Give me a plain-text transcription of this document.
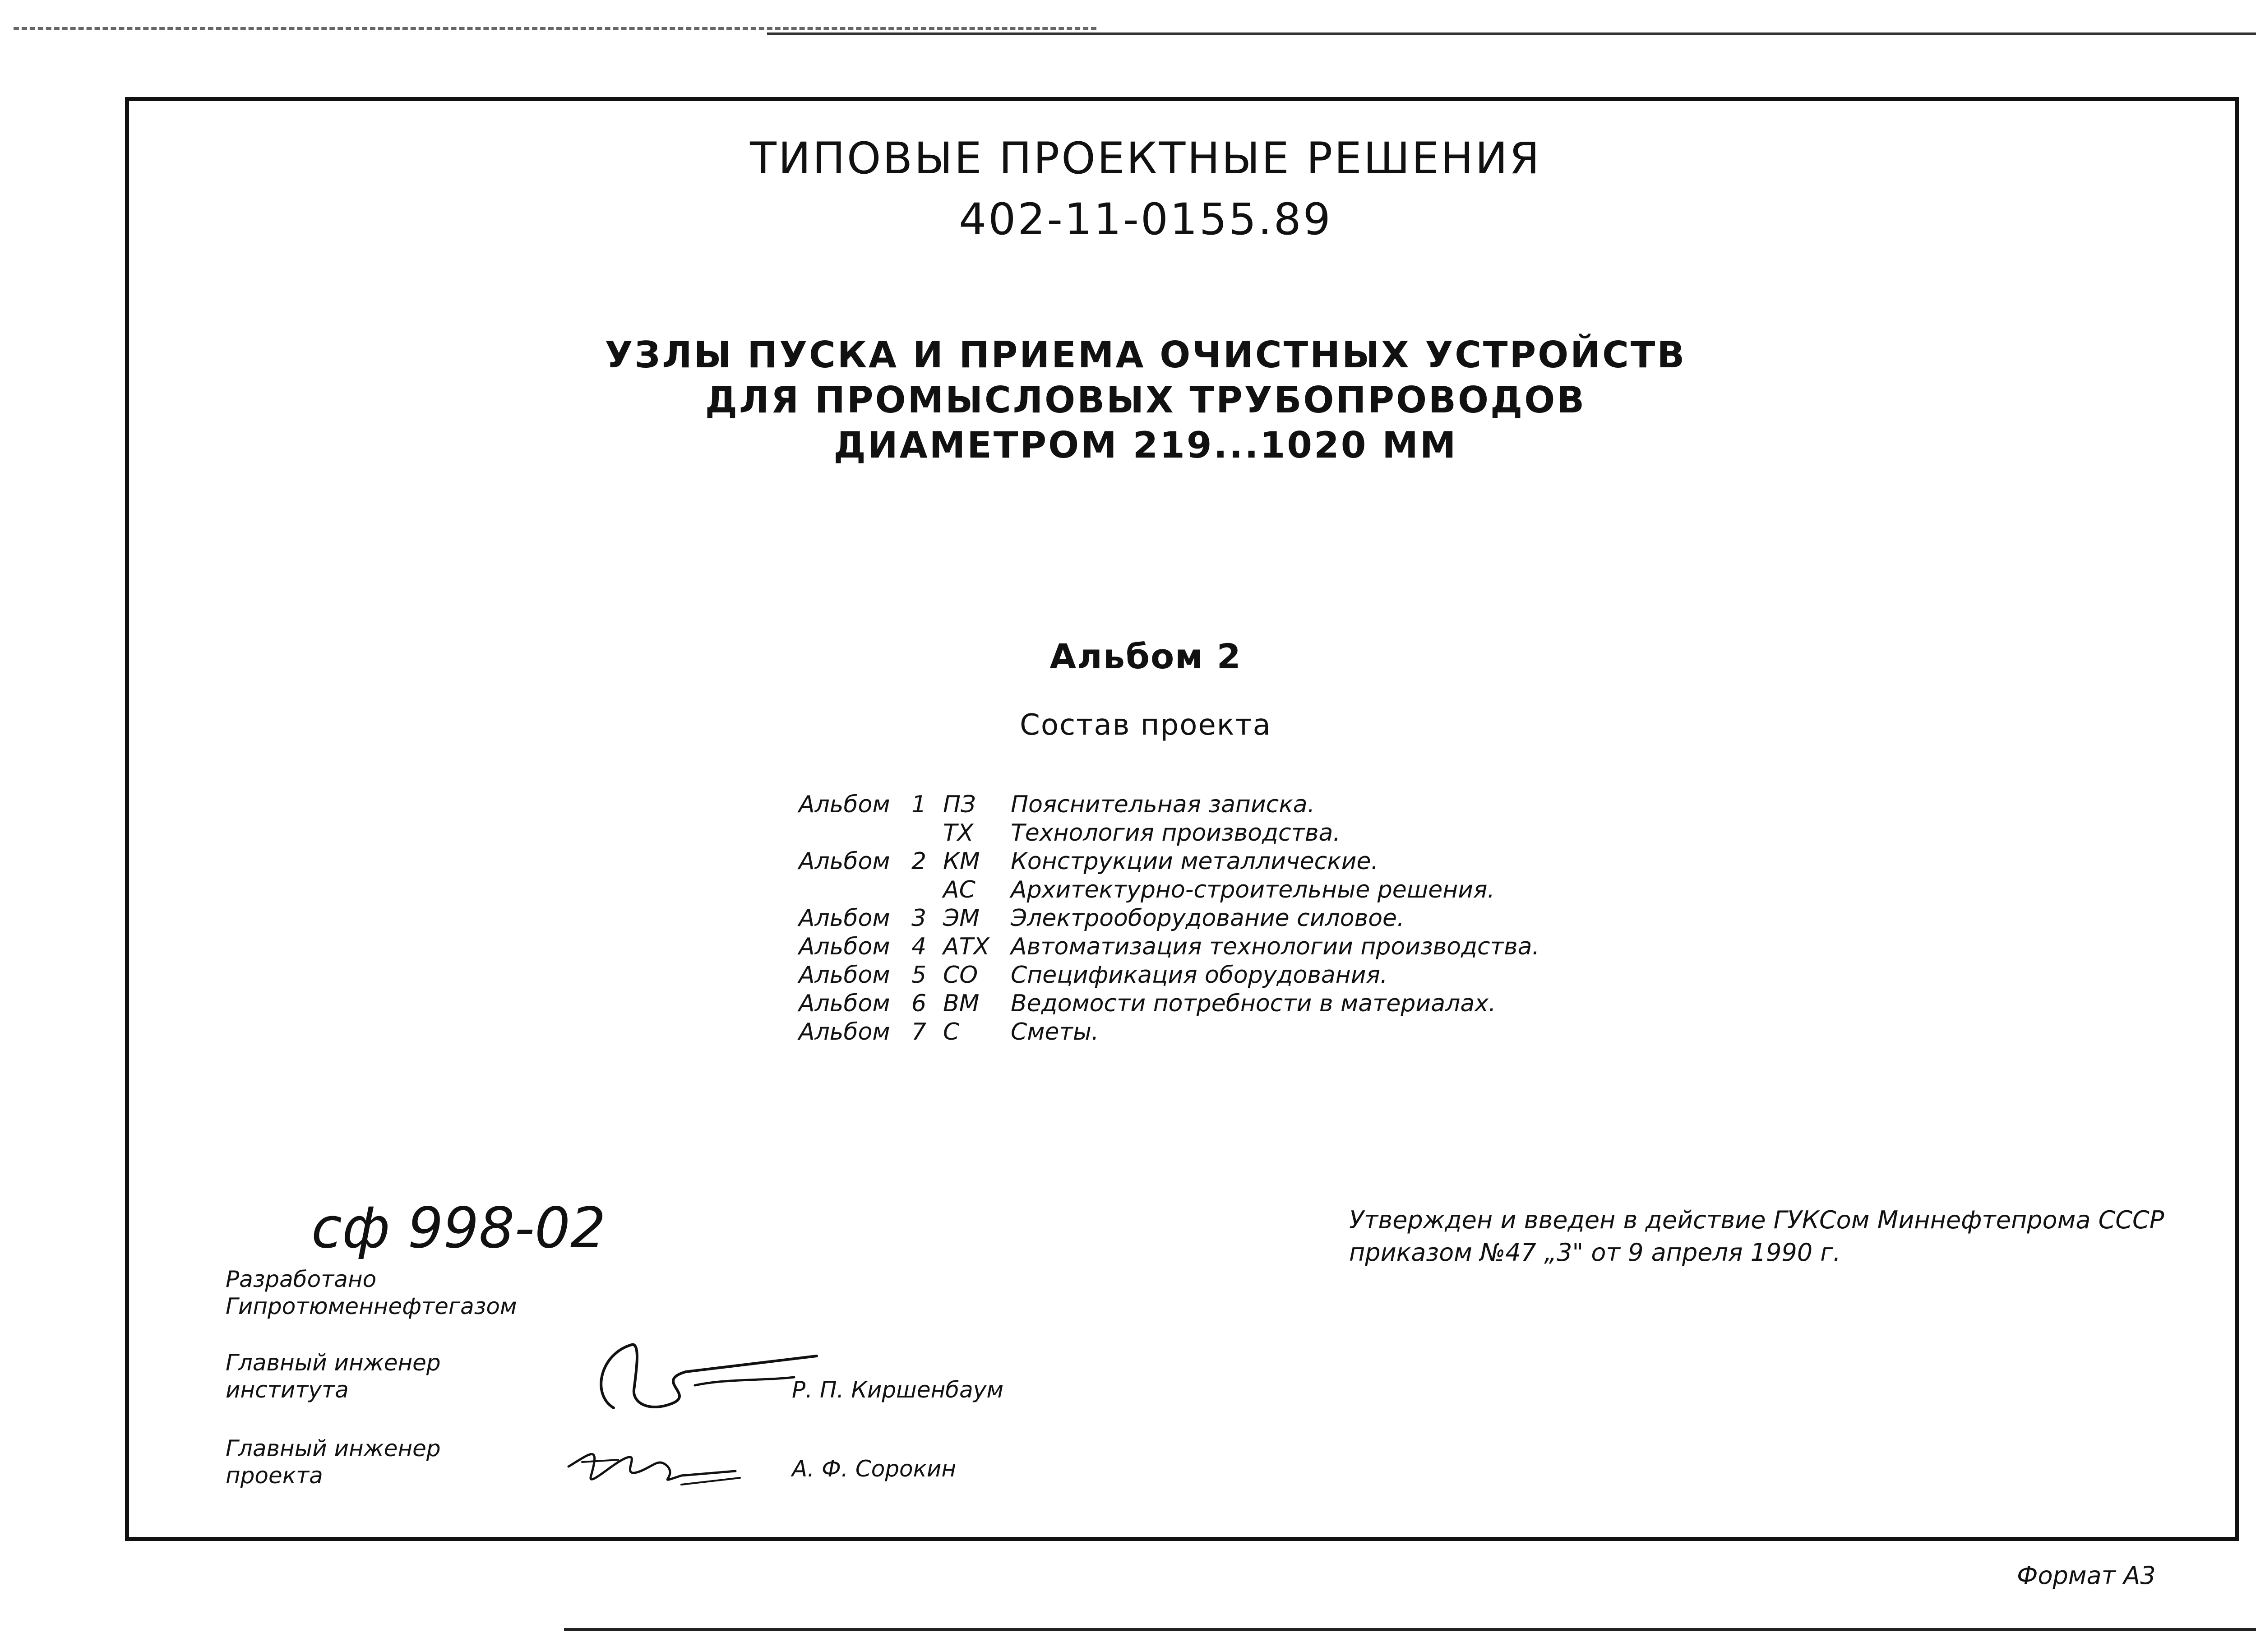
ТИПОВЫЕ ПРОЕКТНЫЕ РЕШЕНИЯ
402-11-0155.89
УЗЛЫ ПУСКА И ПРИЕМА ОЧИСТНЫХ УСТРОЙСТВ
ДЛЯ ПРОМЫСЛОВЫХ ТРУБОПРОВОДОВ
ДИАМЕТРОМ 219...1020 ММ
Альбом 2
Состав проекта
Альбом 1 ПЗ	Пояснительная записка.
ТХ	Технология производства.
Альбом 2 КМ	Конструкции металлические.
АС	Архитектурно-строительные решения.
Альбом 3 ЭМ	Электрооборудование силовое.
Альбом 4 АТХ Автоматизация технологии производства.
Альбом 5 СО	Спецификация оборудования.
Альбом 6 ВМ	Ведомости потребности в материалах.
Альбом 7 С	Сметы.
сф 998-02	Утвержден и введен в действие ГУКСом Миннефтепрома СССР
приказом №47 „3" от 9 апреля 1990 г.
Разработано
Гипротюменнефтегазом
Главный инженер
института	Р. П. Киршенбаум
Главный инженер
проекта	А. Ф. Сорокин
Формат А3
